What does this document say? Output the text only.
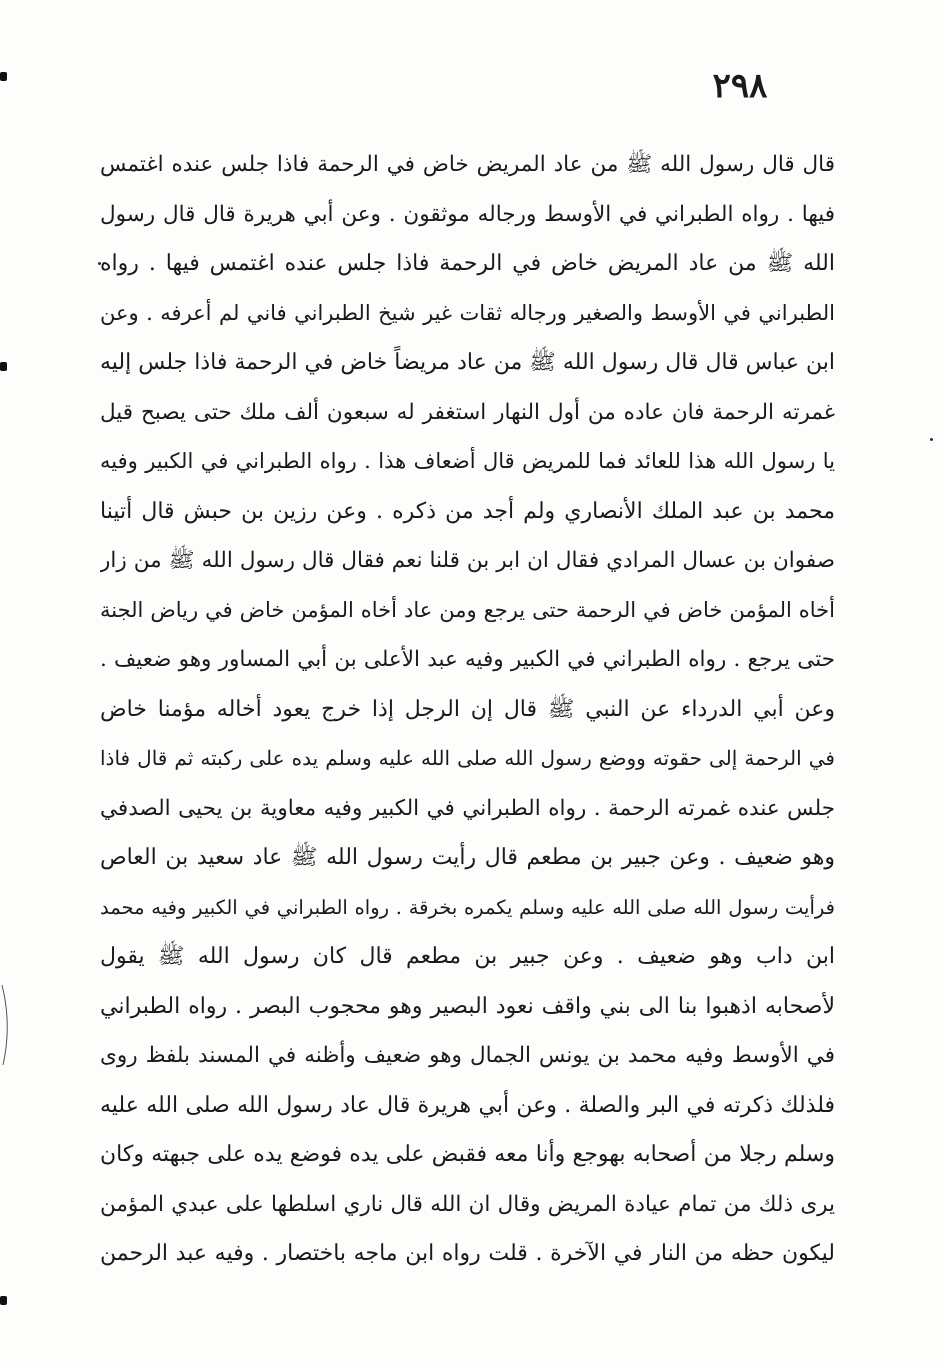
٢٩٨
قال قال رسول الله ﷺ من عاد المريض خاض في الرحمة فاذا جلس عنده اغتمس
فيها . رواه الطبراني في الأوسط ورجاله موثقون . وعن أبي هريرة قال قال رسول
الله ﷺ من عاد المريض خاض في الرحمة فاذا جلس عنده اغتمس فيها . رواه
الطبراني في الأوسط والصغير ورجاله ثقات غير شيخ الطبراني فاني لم أعرفه . وعن
ابن عباس قال قال رسول الله ﷺ من عاد مريضاً خاض في الرحمة فاذا جلس إليه
غمرته الرحمة فان عاده من أول النهار استغفر له سبعون ألف ملك حتى يصبح قيل
يا رسول الله هذا للعائد فما للمريض قال أضعاف هذا . رواه الطبراني في الكبير وفيه
محمد بن عبد الملك الأنصاري ولم أجد من ذكره . وعن رزين بن حبش قال أتينا
صفوان بن عسال المرادي فقال ان ابر بن قلنا نعم فقال قال رسول الله ﷺ من زار
أخاه المؤمن خاض في الرحمة حتى يرجع ومن عاد أخاه المؤمن خاض في رياض الجنة
حتى يرجع . رواه الطبراني في الكبير وفيه عبد الأعلى بن أبي المساور وهو ضعيف .
وعن أبي الدرداء عن النبي ﷺ قال إن الرجل إذا خرج يعود أخاله مؤمنا خاض
في الرحمة إلى حقوته ووضع رسول الله صلى الله عليه وسلم يده على ركبته ثم قال فاذا
جلس عنده غمرته الرحمة . رواه الطبراني في الكبير وفيه معاوية بن يحيى الصدفي
وهو ضعيف . وعن جبير بن مطعم قال رأيت رسول الله ﷺ عاد سعيد بن العاص
فرأيت رسول الله صلى الله عليه وسلم يكمره بخرقة . رواه الطبراني في الكبير وفيه محمد
ابن داب وهو ضعيف . وعن جبير بن مطعم قال كان رسول الله ﷺ يقول
لأصحابه اذهبوا بنا الى بني واقف نعود البصير وهو محجوب البصر . رواه الطبراني
في الأوسط وفيه محمد بن يونس الجمال وهو ضعيف وأظنه في المسند بلفظ روى
فلذلك ذكرته في البر والصلة . وعن أبي هريرة قال عاد رسول الله صلى الله عليه
وسلم رجلا من أصحابه بهوجع وأنا معه فقبض على يده فوضع يده على جبهته وكان
يرى ذلك من تمام عيادة المريض وقال ان الله قال ناري اسلطها على عبدي المؤمن
ليكون حظه من النار في الآخرة . قلت رواه ابن ماجه باختصار . وفيه عبد الرحمن
